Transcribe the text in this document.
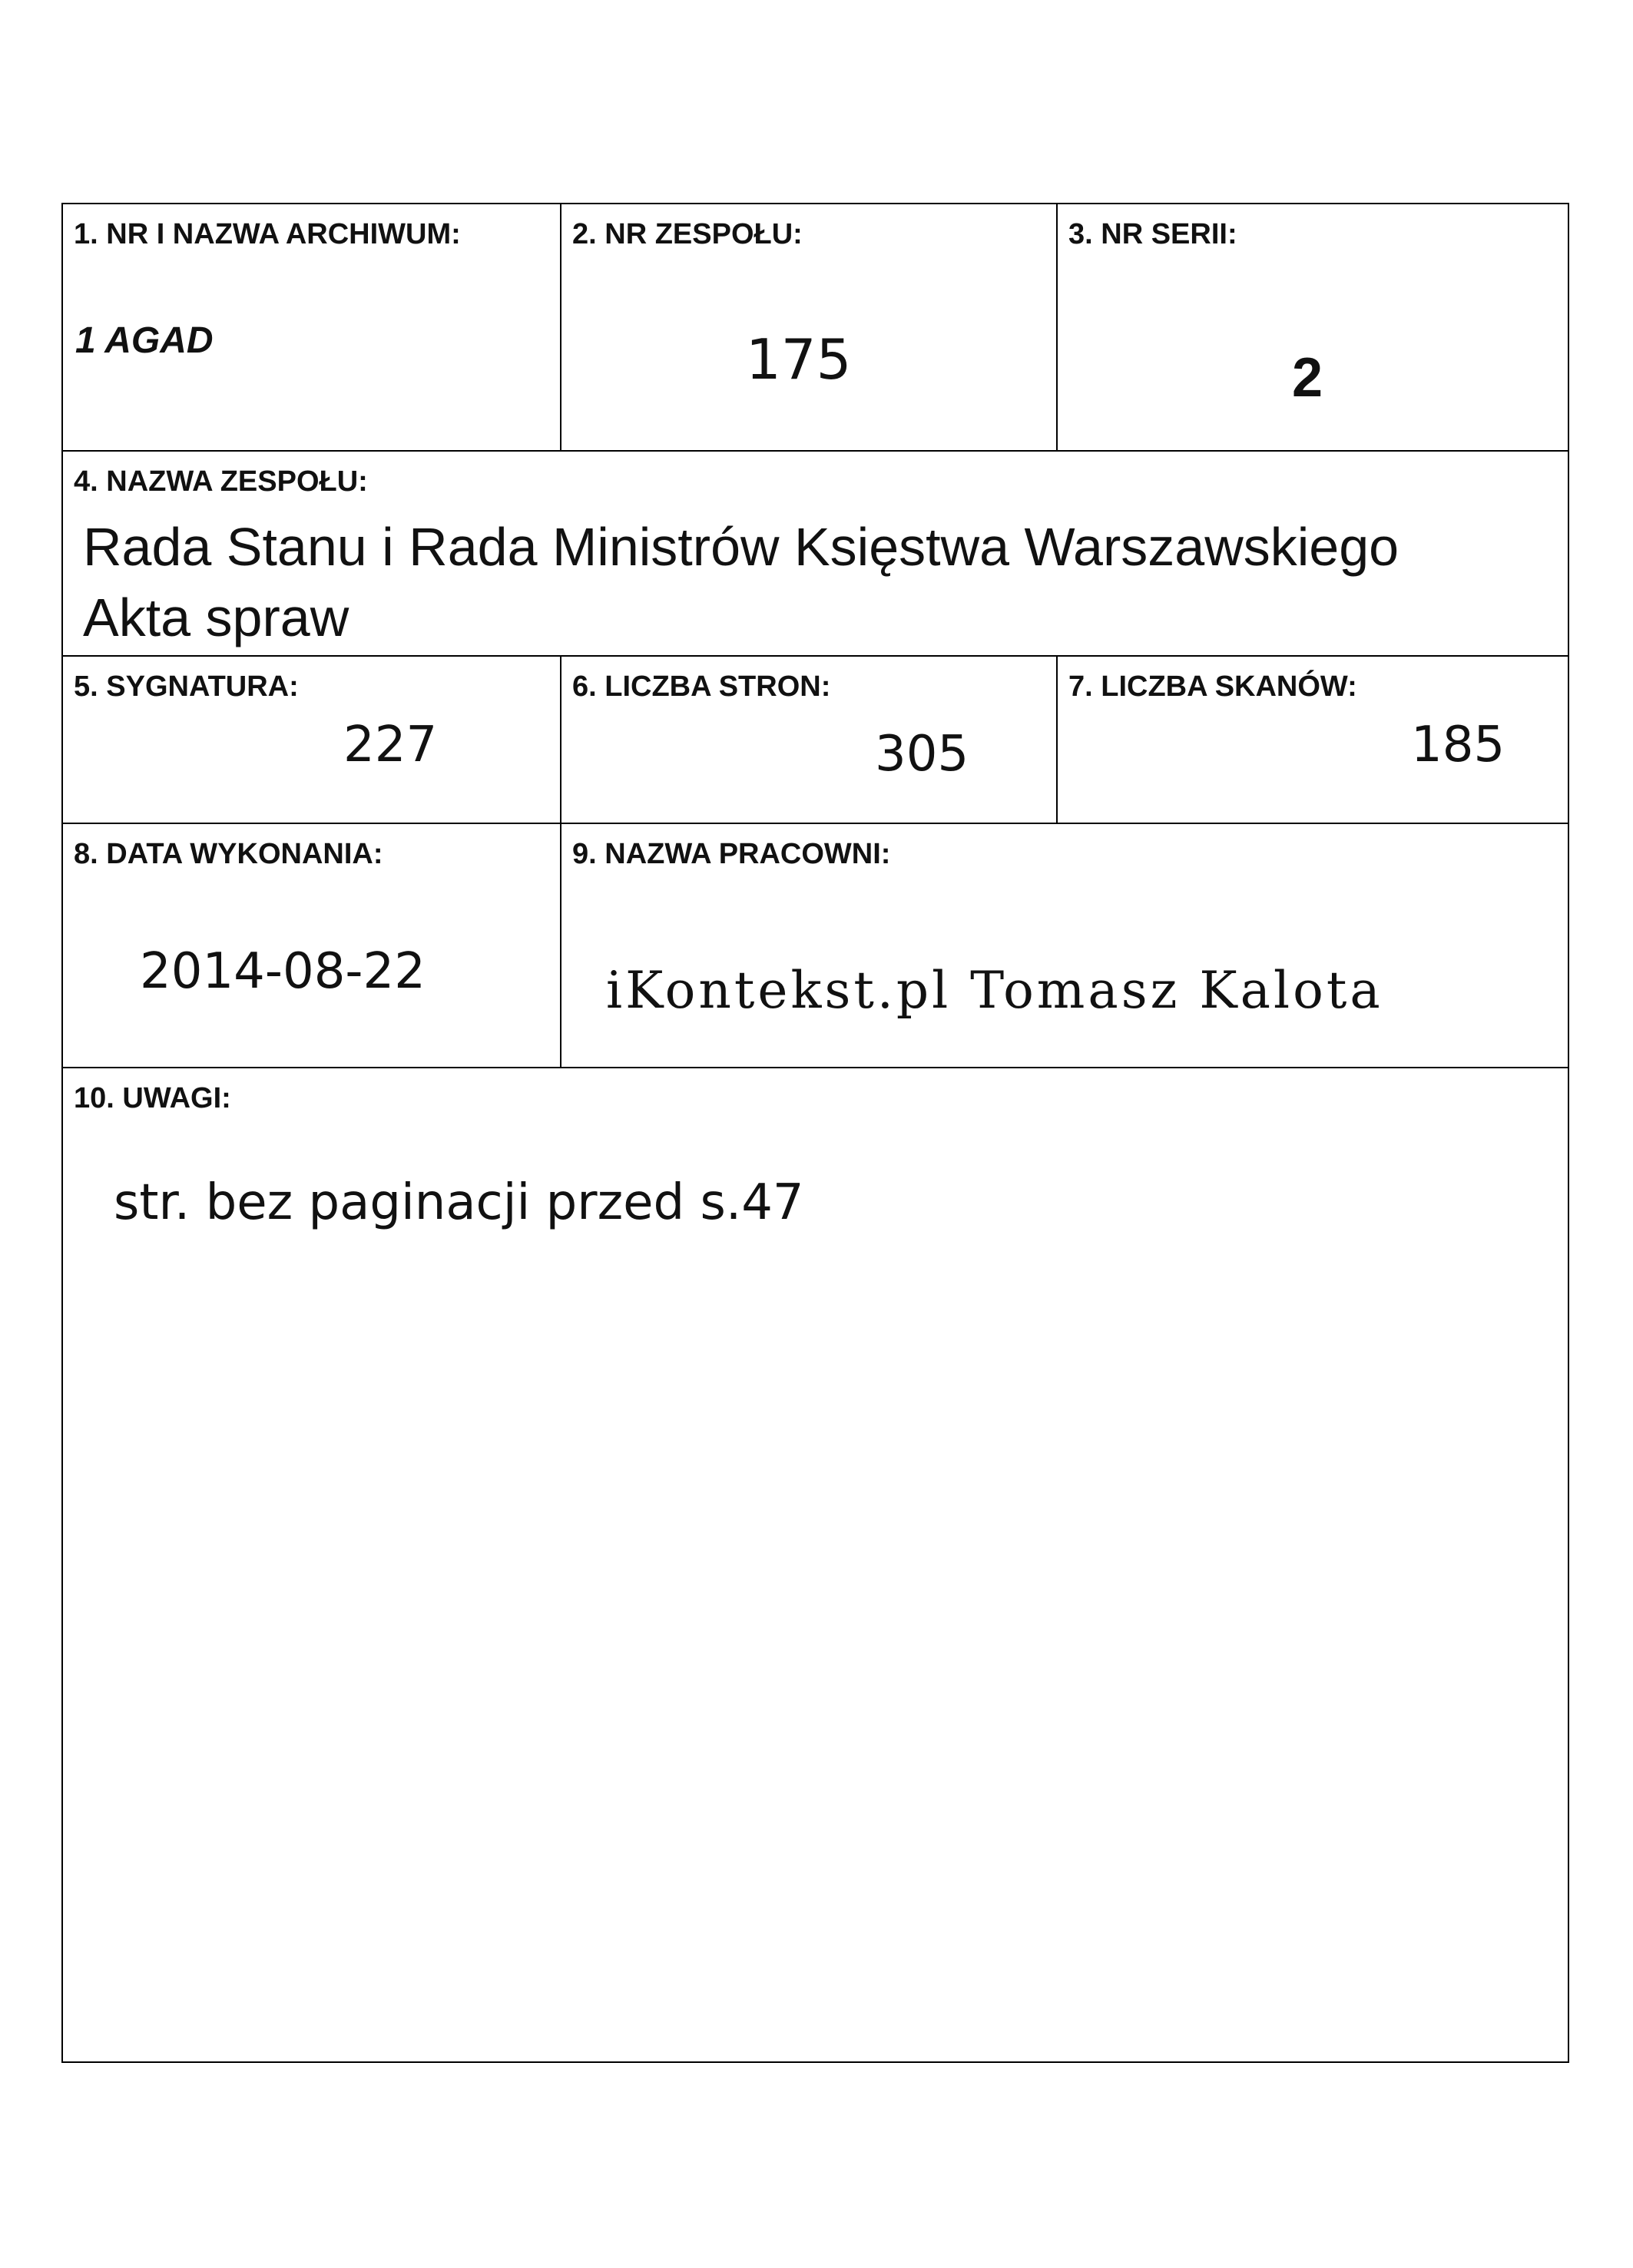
1. NR I NAZWA ARCHIWUM:
1 AGAD
2. NR ZESPOŁU:
175
3. NR SERII:
2
4. NAZWA ZESPOŁU:
Rada Stanu i Rada Ministrów Księstwa Warszawskiego
Akta spraw
5. SYGNATURA:
227
6. LICZBA STRON:
305
7. LICZBA SKANÓW:
185
8. DATA WYKONANIA:
2014-08-22
9. NAZWA PRACOWNI:
iKontekst.pl Tomasz Kalota
10. UWAGI:
str. bez paginacji przed s.47
